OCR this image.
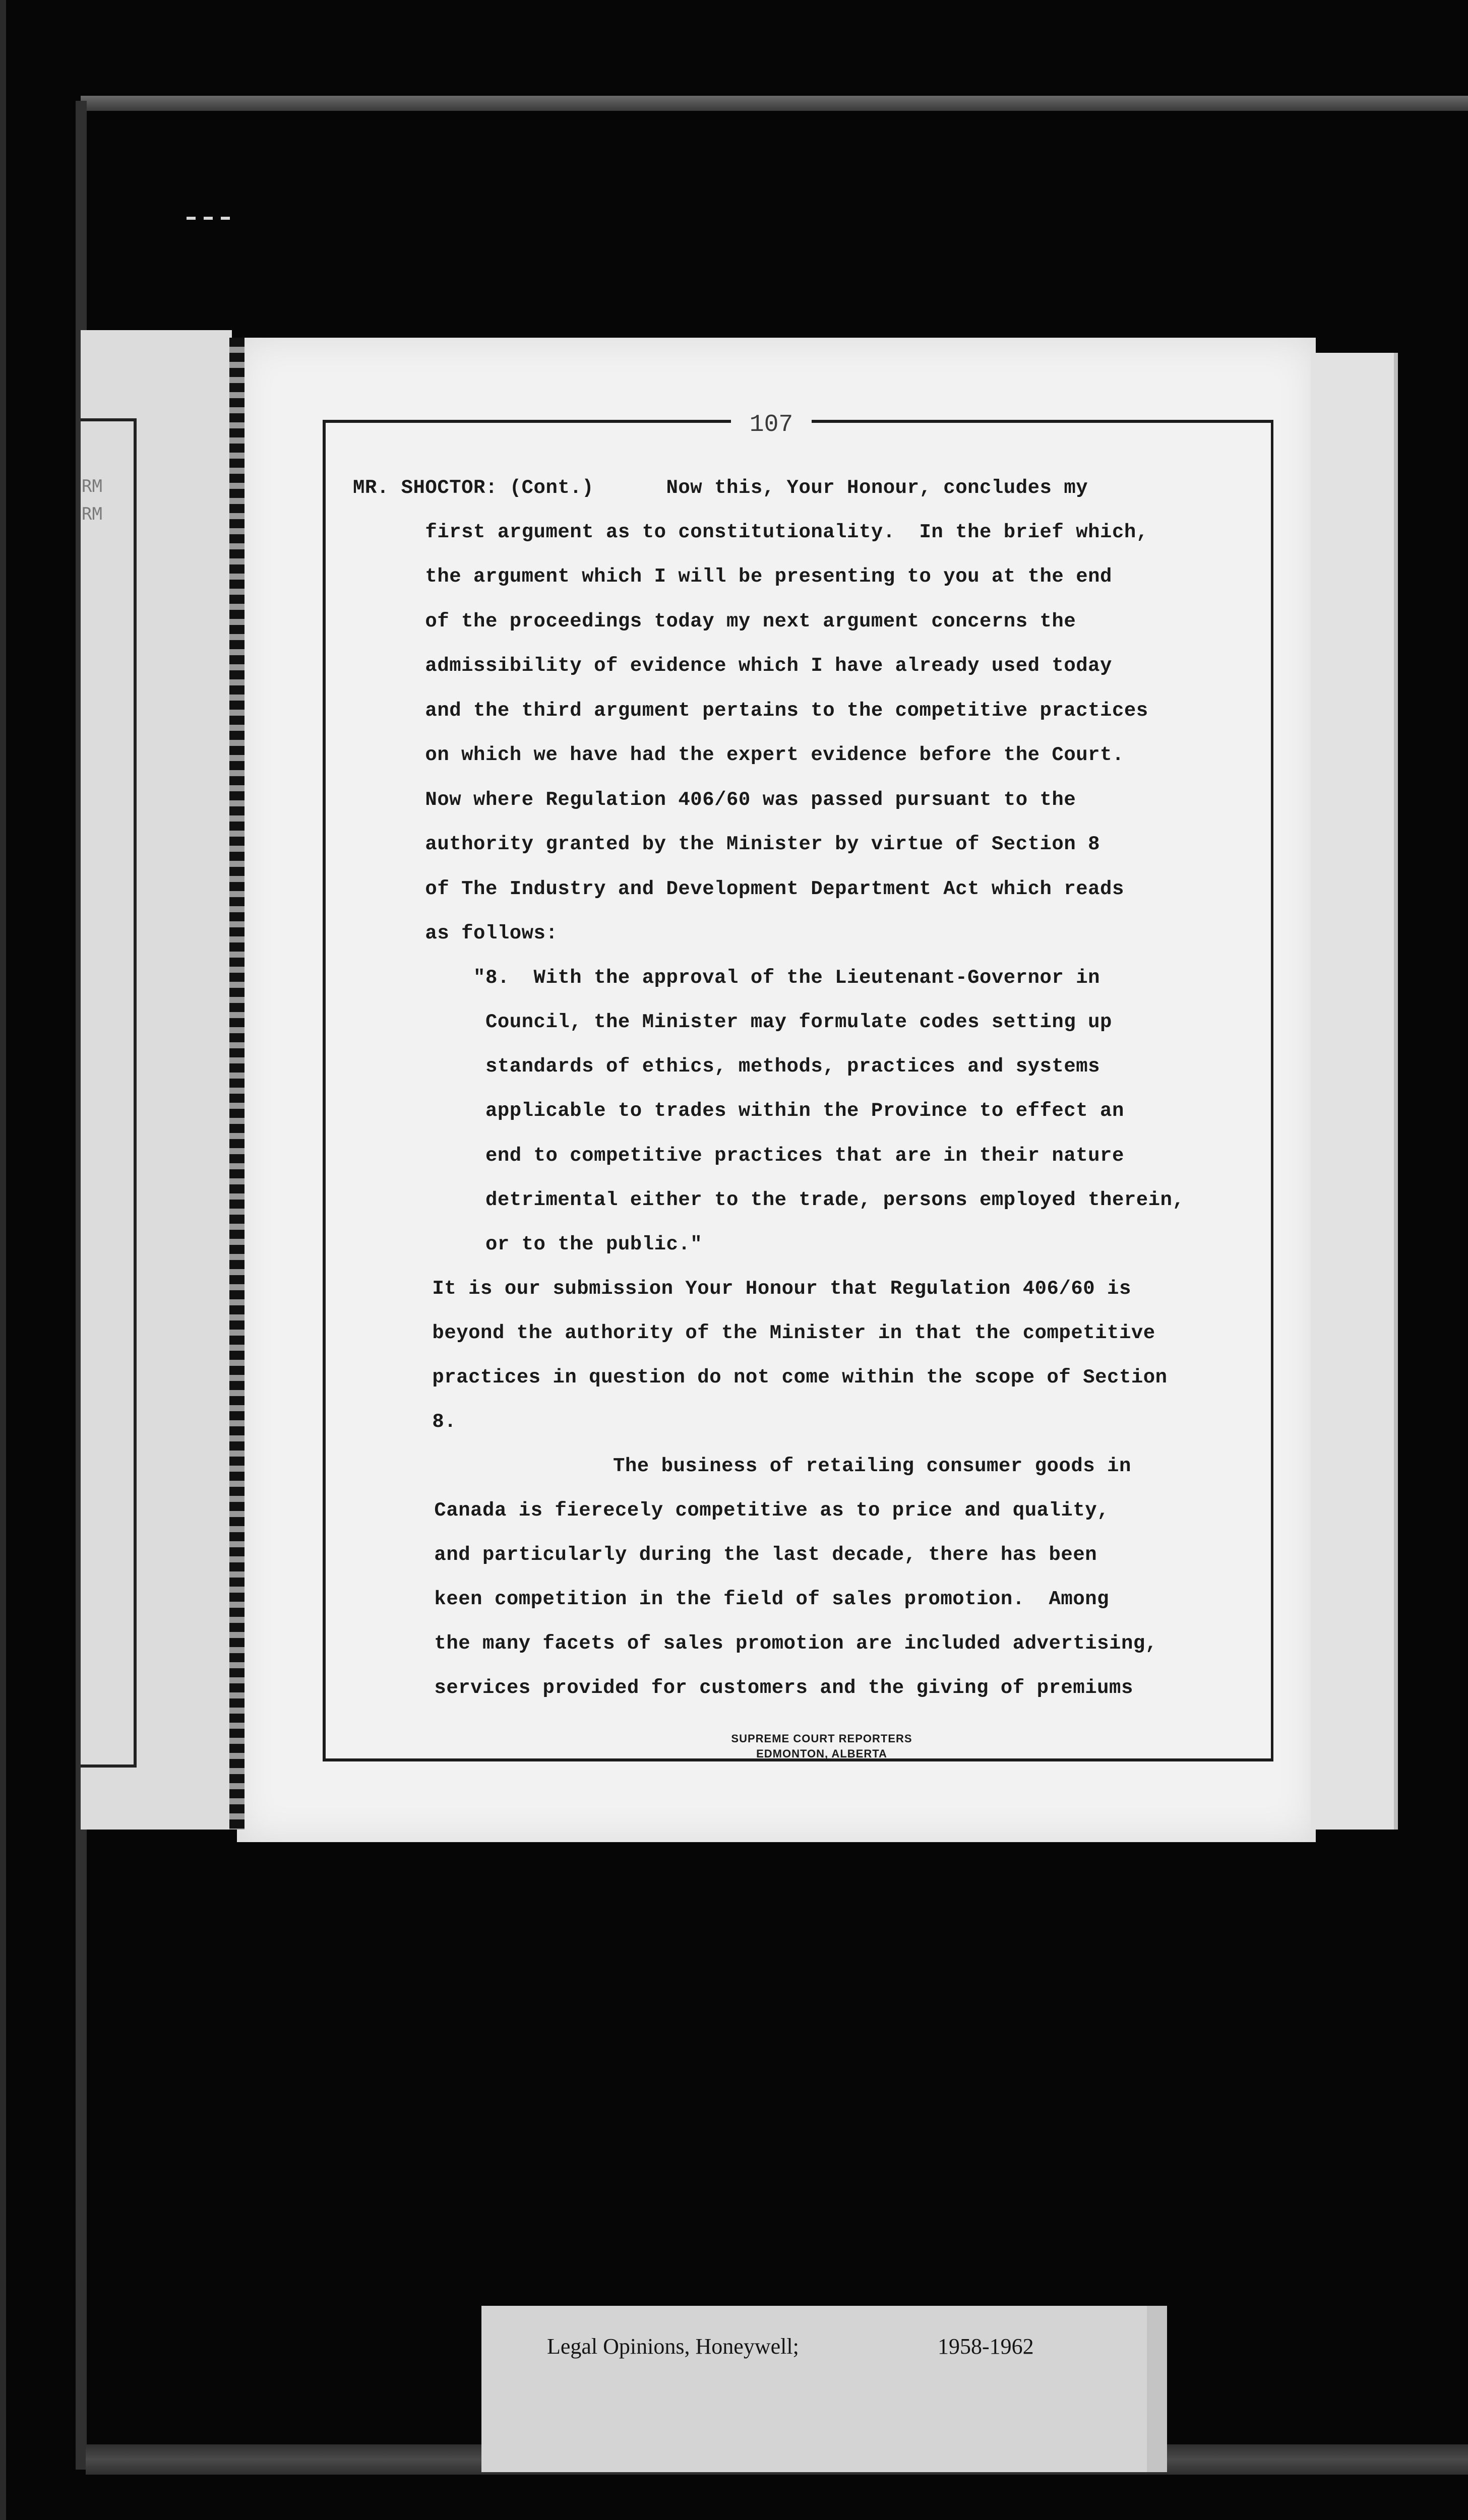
RM
RM
107
MR. SHOCTOR: (Cont.)      Now this, Your Honour, concludes my
first argument as to constitutionality.  In the brief which,
the argument which I will be presenting to you at the end
of the proceedings today my next argument concerns the
admissibility of evidence which I have already used today
and the third argument pertains to the competitive practices
on which we have had the expert evidence before the Court.
Now where Regulation 406/60 was passed pursuant to the
authority granted by the Minister by virtue of Section 8
of The Industry and Development Department Act which reads
as follows:
"8.  With the approval of the Lieutenant-Governor in
Council, the Minister may formulate codes setting up
standards of ethics, methods, practices and systems
applicable to trades within the Province to effect an
end to competitive practices that are in their nature
detrimental either to the trade, persons employed therein,
or to the public."
It is our submission Your Honour that Regulation 406/60 is
beyond the authority of the Minister in that the competitive
practices in question do not come within the scope of Section
8.
The business of retailing consumer goods in
Canada is fierecely competitive as to price and quality,
and particularly during the last decade, there has been
keen competition in the field of sales promotion.  Among
the many facets of sales promotion are included advertising,
services provided for customers and the giving of premiums
SUPREME COURT REPORTERS
EDMONTON, ALBERTA
Legal Opinions, Honeywell;	1958-1962
